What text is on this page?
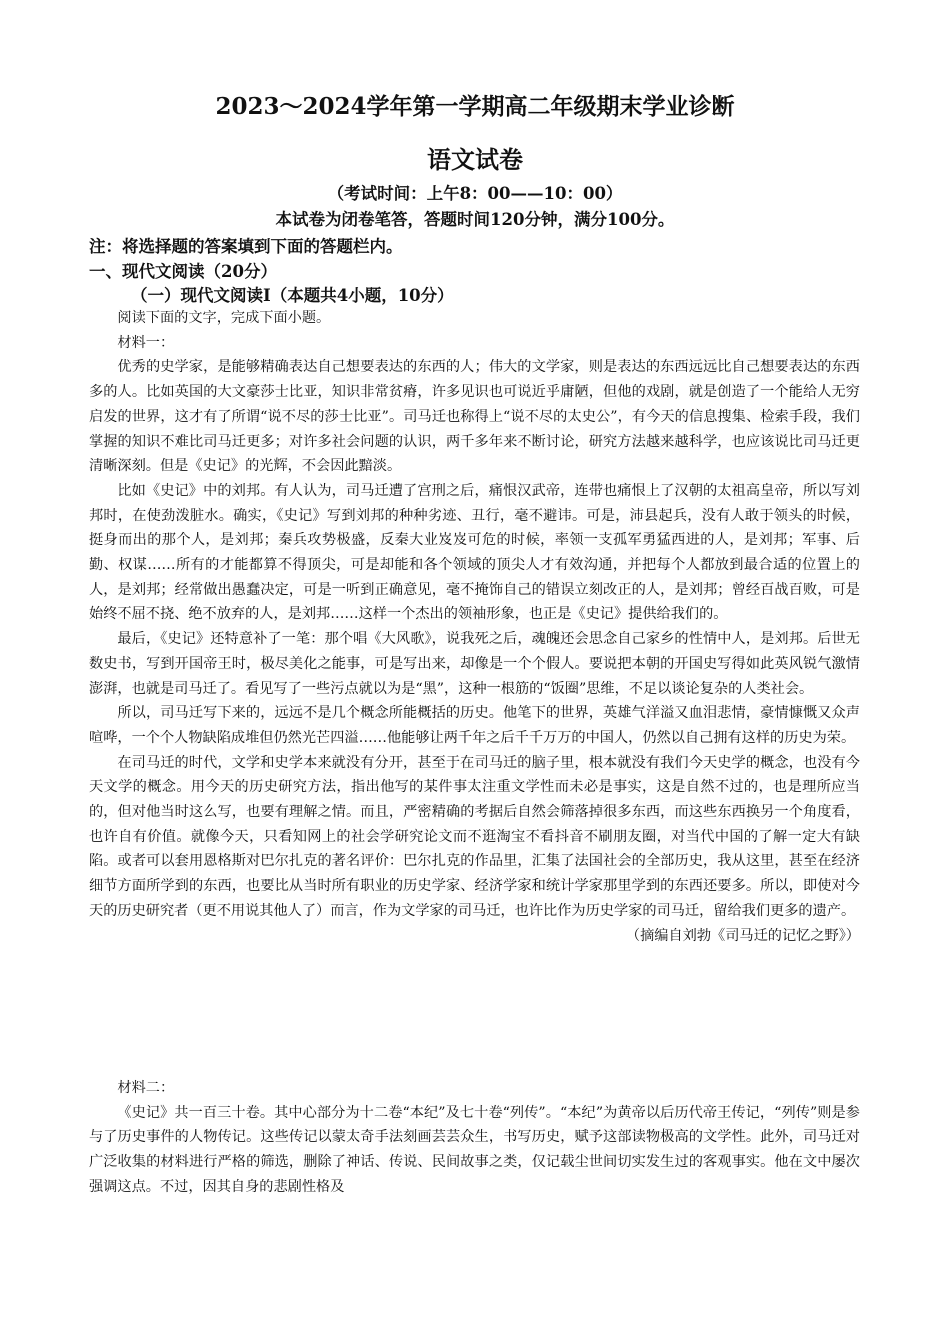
2023～2024学年第一学期高二年级期末学业诊断
语文试卷
（考试时间：上午8：00——10：00）
本试卷为闭卷笔答，答题时间120分钟，满分100分。
注：将选择题的答案填到下面的答题栏内。
一、现代文阅读（20分）
（一）现代文阅读Ⅰ（本题共4小题，10分）

阅读下面的文字，完成下面小题。

材料一：

优秀的史学家，是能够精确表达自己想要表达的东西的人；伟大的文学家，则是表达的东西远远比自己想要表达的东西多的人。比如英国的大文豪莎士比亚，知识非常贫瘠，许多见识也可说近乎庸陋，但他的戏剧，就是创造了一个能给人无穷启发的世界，这才有了所谓“说不尽的莎士比亚”。司马迁也称得上“说不尽的太史公”，有今天的信息搜集、检索手段，我们掌握的知识不难比司马迁更多；对许多社会问题的认识，两千多年来不断讨论，研究方法越来越科学，也应该说比司马迁更清晰深刻。但是《史记》的光辉，不会因此黯淡。

比如《史记》中的刘邦。有人认为，司马迁遭了宫刑之后，痛恨汉武帝，连带也痛恨上了汉朝的太祖高皇帝，所以写刘邦时，在使劲泼脏水。确实，《史记》写到刘邦的种种劣迹、丑行，毫不避讳。可是，沛县起兵，没有人敢于领头的时候，挺身而出的那个人，是刘邦；秦兵攻势极盛，反秦大业岌岌可危的时候，率领一支孤军勇猛西进的人，是刘邦；军事、后勤、权谋……所有的才能都算不得顶尖，可是却能和各个领域的顶尖人才有效沟通，并把每个人都放到最合适的位置上的人，是刘邦；经常做出愚蠢决定，可是一听到正确意见，毫不掩饰自己的错误立刻改正的人，是刘邦；曾经百战百败，可是始终不屈不挠、绝不放弃的人，是刘邦……这样一个杰出的领袖形象，也正是《史记》提供给我们的。

最后，《史记》还特意补了一笔：那个唱《大风歌》，说我死之后，魂魄还会思念自己家乡的性情中人，是刘邦。后世无数史书，写到开国帝王时，极尽美化之能事，可是写出来，却像是一个个假人。要说把本朝的开国史写得如此英风锐气激情澎湃，也就是司马迁了。看见写了一些污点就以为是“黑”，这种一根筋的“饭圈”思维，不足以谈论复杂的人类社会。

所以，司马迁写下来的，远远不是几个概念所能概括的历史。他笔下的世界，英雄气洋溢又血泪悲情，豪情慷慨又众声喧哗，一个个人物缺陷成堆但仍然光芒四溢……他能够让两千年之后千千万万的中国人，仍然以自己拥有这样的历史为荣。

在司马迁的时代，文学和史学本来就没有分开，甚至于在司马迁的脑子里，根本就没有我们今天史学的概念，也没有今天文学的概念。用今天的历史研究方法，指出他写的某件事太注重文学性而未必是事实，这是自然不过的，也是理所应当的，但对他当时这么写，也要有理解之情。而且，严密精确的考据后自然会筛落掉很多东西，而这些东西换另一个角度看，也许自有价值。就像今天，只看知网上的社会学研究论文而不逛淘宝不看抖音不刷朋友圈，对当代中国的了解一定大有缺陷。或者可以套用恩格斯对巴尔扎克的著名评价：巴尔扎克的作品里，汇集了法国社会的全部历史，我从这里，甚至在经济细节方面所学到的东西，也要比从当时所有职业的历史学家、经济学家和统计学家那里学到的东西还要多。所以，即使对今天的历史研究者（更不用说其他人了）而言，作为文学家的司马迁，也许比作为历史学家的司马迁，留给我们更多的遗产。

（摘编自刘勃《司马迁的记忆之野》）

材料二：

《史记》共一百三十卷。其中心部分为十二卷“本纪”及七十卷“列传”。“本纪”为黄帝以后历代帝王传记，“列传”则是参与了历史事件的人物传记。这些传记以蒙太奇手法刻画芸芸众生，书写历史，赋予这部读物极高的文学性。此外，司马迁对广泛收集的材料进行严格的筛选，删除了神话、传说、民间故事之类，仅记载尘世间切实发生过的客观事实。他在文中屡次强调这点。不过，因其自身的悲剧性格及
